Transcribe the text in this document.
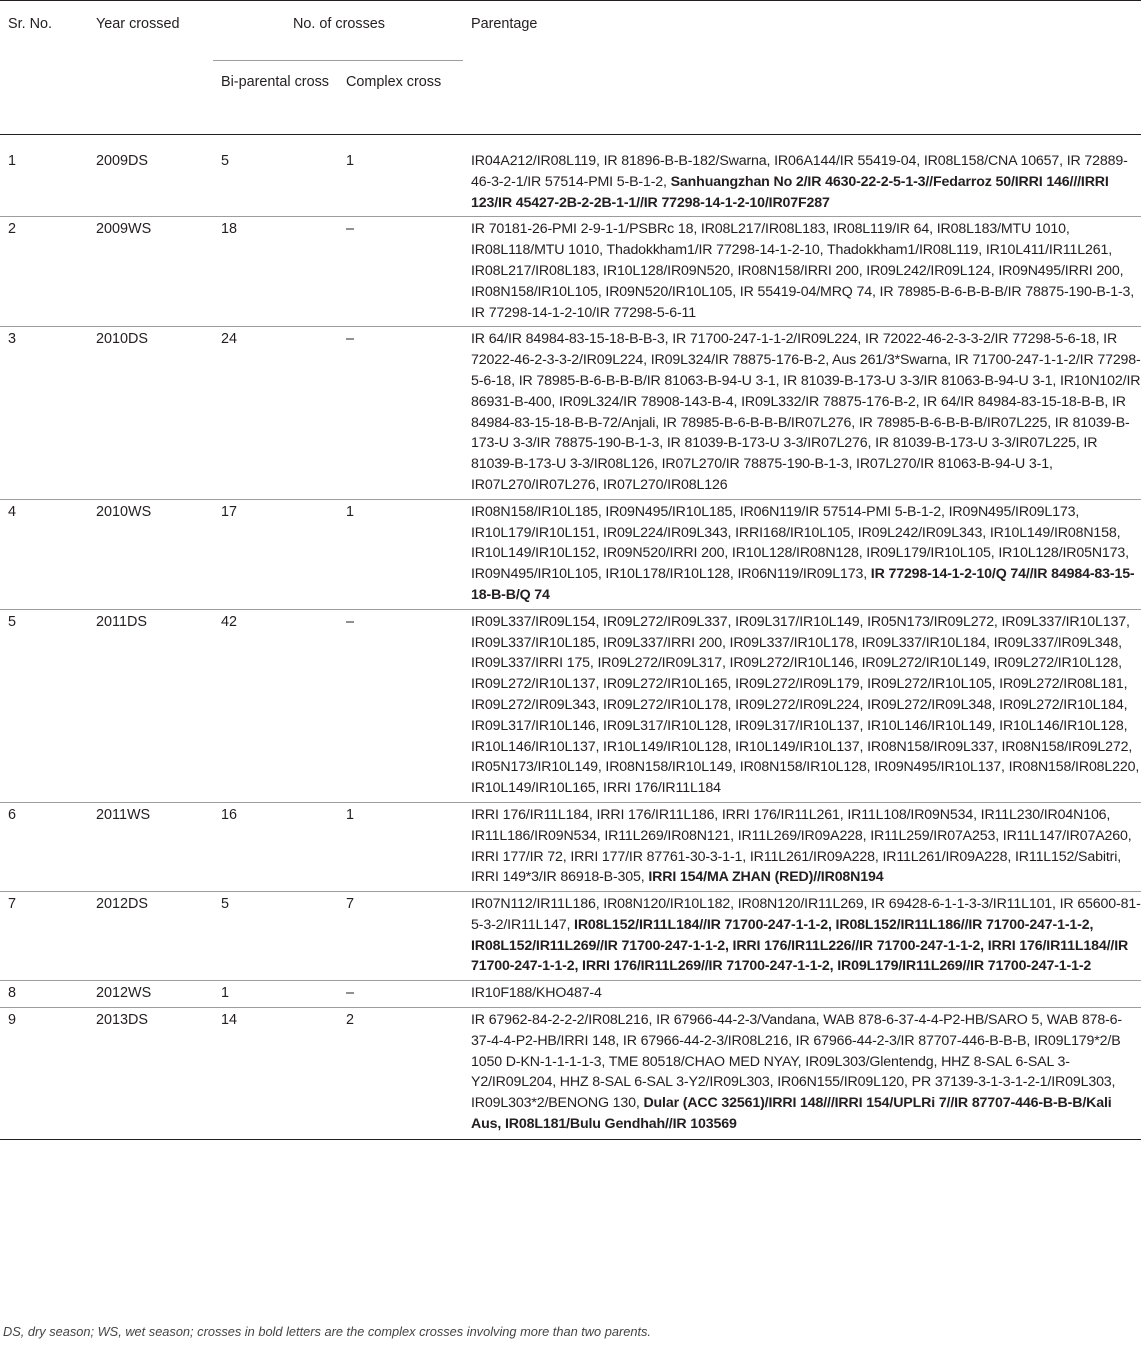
Sr. No.	Year crossed	No. of crosses		Parentage
		Bi-parental cross	Complex cross	
1	2009DS	5	1	IR04A212/IR08L119, IR 81896-B-B-182/Swarna, IR06A144/IR 55419-04, IR08L158/CNA 10657, IR 72889-46-3-2-1/IR 57514-PMI 5-B-1-2, Sanhuangzhan No 2/IR 4630-22-2-5-1-3//Fedarroz 50/IRRI 146///IRRI 123/IR 45427-2B-2-2B-1-1//IR 77298-14-1-2-10/IR07F287
2	2009WS	18	–	IR 70181-26-PMI 2-9-1-1/PSBRc 18, IR08L217/IR08L183, IR08L119/IR 64, IR08L183/MTU 1010, IR08L118/MTU 1010, Thadokkham1/IR 77298-14-1-2-10, Thadokkham1/IR08L119, IR10L411/IR11L261, IR08L217/IR08L183, IR10L128/IR09N520, IR08N158/IRRI 200, IR09L242/IR09L124, IR09N495/IRRI 200, IR08N158/IR10L105, IR09N520/IR10L105, IR 55419-04/MRQ 74, IR 78985-B-6-B-B-B/IR 78875-190-B-1-3, IR 77298-14-1-2-10/IR 77298-5-6-11
3	2010DS	24	–	IR 64/IR 84984-83-15-18-B-B-3, IR 71700-247-1-1-2/IR09L224, IR 72022-46-2-3-3-2/IR 77298-5-6-18, IR 72022-46-2-3-3-2/IR09L224, IR09L324/IR 78875-176-B-2, Aus 261/3*Swarna, IR 71700-247-1-1-2/IR 77298-5-6-18, IR 78985-B-6-B-B-B/IR 81063-B-94-U 3-1, IR 81039-B-173-U 3-3/IR 81063-B-94-U 3-1, IR10N102/IR 86931-B-400, IR09L324/IR 78908-143-B-4, IR09L332/IR 78875-176-B-2, IR 64/IR 84984-83-15-18-B-B, IR 84984-83-15-18-B-B-72/Anjali, IR 78985-B-6-B-B-B/IR07L276, IR 78985-B-6-B-B-B/IR07L225, IR 81039-B-173-U 3-3/IR 78875-190-B-1-3, IR 81039-B-173-U 3-3/IR07L276, IR 81039-B-173-U 3-3/IR07L225, IR 81039-B-173-U 3-3/IR08L126, IR07L270/IR 78875-190-B-1-3, IR07L270/IR 81063-B-94-U 3-1, IR07L270/IR07L276, IR07L270/IR08L126
4	2010WS	17	1	IR08N158/IR10L185, IR09N495/IR10L185, IR06N119/IR 57514-PMI 5-B-1-2, IR09N495/IR09L173, IR10L179/IR10L151, IR09L224/IR09L343, IRRI168/IR10L105, IR09L242/IR09L343, IR10L149/IR08N158, IR10L149/IR10L152, IR09N520/IRRI 200, IR10L128/IR08N128, IR09L179/IR10L105, IR10L128/IR05N173, IR09N495/IR10L105, IR10L178/IR10L128, IR06N119/IR09L173, IR 77298-14-1-2-10/Q 74//IR 84984-83-15-18-B-B/Q 74
5	2011DS	42	–	IR09L337/IR09L154, IR09L272/IR09L337, IR09L317/IR10L149, IR05N173/IR09L272, IR09L337/IR10L137, IR09L337/IR10L185, IR09L337/IRRI 200, IR09L337/IR10L178, IR09L337/IR10L184, IR09L337/IR09L348, IR09L337/IRRI 175, IR09L272/IR09L317, IR09L272/IR10L146, IR09L272/IR10L149, IR09L272/IR10L128, IR09L272/IR10L137, IR09L272/IR10L165, IR09L272/IR09L179, IR09L272/IR10L105, IR09L272/IR08L181, IR09L272/IR09L343, IR09L272/IR10L178, IR09L272/IR09L224, IR09L272/IR09L348, IR09L272/IR10L184, IR09L317/IR10L146, IR09L317/IR10L128, IR09L317/IR10L137, IR10L146/IR10L149, IR10L146/IR10L128, IR10L146/IR10L137, IR10L149/IR10L128, IR10L149/IR10L137, IR08N158/IR09L337, IR08N158/IR09L272, IR05N173/IR10L149, IR08N158/IR10L149, IR08N158/IR10L128, IR09N495/IR10L137, IR08N158/IR08L220, IR10L149/IR10L165, IRRI 176/IR11L184
6	2011WS	16	1	IRRI 176/IR11L184, IRRI 176/IR11L186, IRRI 176/IR11L261, IR11L108/IR09N534, IR11L230/IR04N106, IR11L186/IR09N534, IR11L269/IR08N121, IR11L269/IR09A228, IR11L259/IR07A253, IR11L147/IR07A260, IRRI 177/IR 72, IRRI 177/IR 87761-30-3-1-1, IR11L261/IR09A228, IR11L261/IR09A228, IR11L152/Sabitri, IRRI 149*3/IR 86918-B-305, IRRI 154/MA ZHAN (RED)//IR08N194
7	2012DS	5	7	IR07N112/IR11L186, IR08N120/IR10L182, IR08N120/IR11L269, IR 69428-6-1-1-3-3/IR11L101, IR 65600-81-5-3-2/IR11L147, IR08L152/IR11L184//IR 71700-247-1-1-2, IR08L152/IR11L186//IR 71700-247-1-1-2, IR08L152/IR11L269//IR 71700-247-1-1-2, IRRI 176/IR11L226//IR 71700-247-1-1-2, IRRI 176/IR11L184//IR 71700-247-1-1-2, IRRI 176/IR11L269//IR 71700-247-1-1-2, IR09L179/IR11L269//IR 71700-247-1-1-2
8	2012WS	1	–	IR10F188/KHO487-4
9	2013DS	14	2	IR 67962-84-2-2-2/IR08L216, IR 67966-44-2-3/Vandana, WAB 878-6-37-4-4-P2-HB/SARO 5, WAB 878-6-37-4-4-P2-HB/IRRI 148, IR 67966-44-2-3/IR08L216, IR 67966-44-2-3/IR 87707-446-B-B-B, IR09L179*2/B 1050 D-KN-1-1-1-1-3, TME 80518/CHAO MED NYAY, IR09L303/Glentendg, HHZ 8-SAL 6-SAL 3-Y2/IR09L204, HHZ 8-SAL 6-SAL 3-Y2/IR09L303, IR06N155/IR09L120, PR 37139-3-1-3-1-2-1/IR09L303, IR09L303*2/BENONG 130, Dular (ACC 32561)/IRRI 148///IRRI 154/UPLRi 7//IR 87707-446-B-B-B/Kali Aus, IR08L181/Bulu Gendhah//IR 103569
DS, dry season; WS, wet season; crosses in bold letters are the complex crosses involving more than two parents.
